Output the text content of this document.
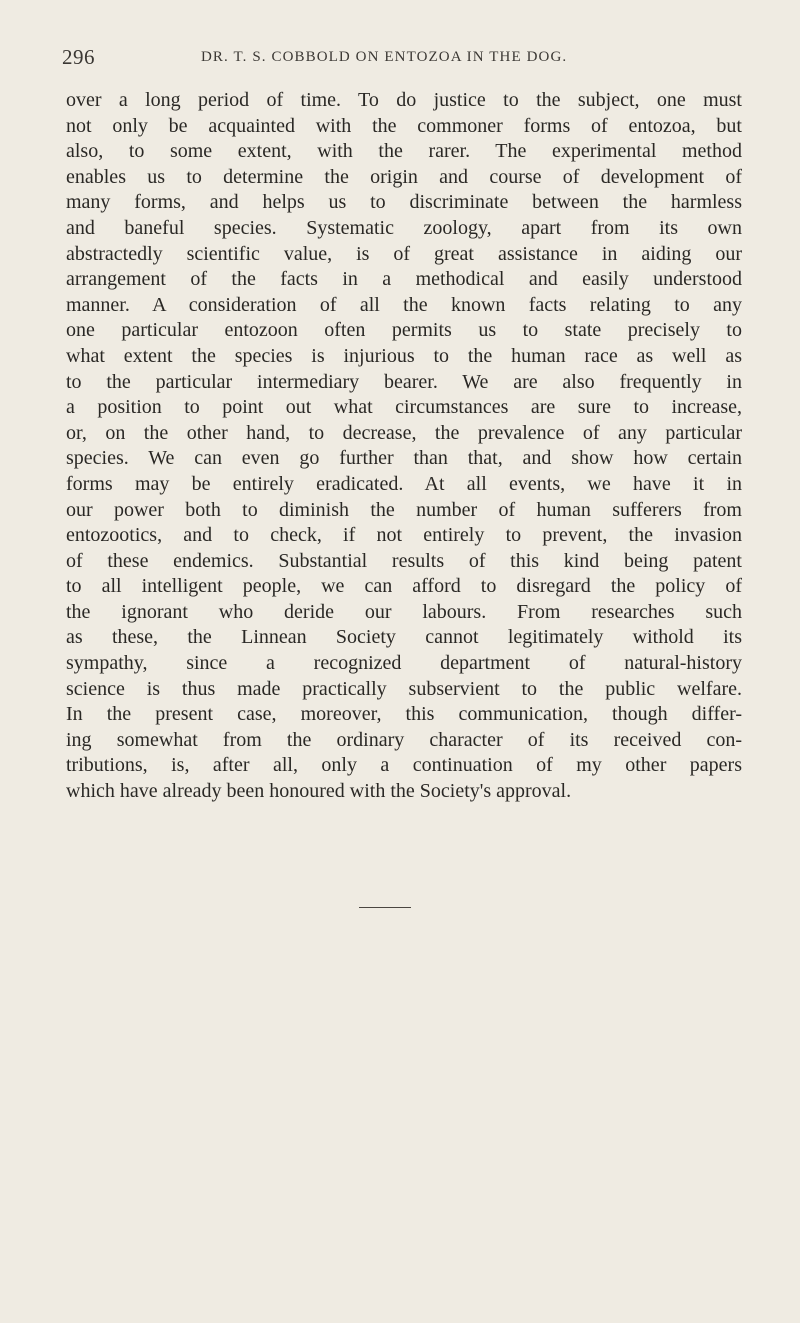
296	DR. T. S. COBBOLD ON ENTOZOA IN THE DOG.
over a long period of time. To do justice to the subject, one must
not only be acquainted with the commoner forms of entozoa, but
also, to some extent, with the rarer. The experimental method
enables us to determine the origin and course of development of
many forms, and helps us to discriminate between the harmless
and baneful species. Systematic zoology, apart from its own
abstractedly scientific value, is of great assistance in aiding our
arrangement of the facts in a methodical and easily understood
manner. A consideration of all the known facts relating to any
one particular entozoon often permits us to state precisely to
what extent the species is injurious to the human race as well as
to the particular intermediary bearer. We are also frequently in
a position to point out what circumstances are sure to increase,
or, on the other hand, to decrease, the prevalence of any particular
species. We can even go further than that, and show how certain
forms may be entirely eradicated. At all events, we have it in
our power both to diminish the number of human sufferers from
entozootics, and to check, if not entirely to prevent, the invasion
of these endemics. Substantial results of this kind being patent
to all intelligent people, we can afford to disregard the policy of
the ignorant who deride our labours. From researches such
as these, the Linnean Society cannot legitimately withold its
sympathy, since a recognized department of natural-history
science is thus made practically subservient to the public welfare.
In the present case, moreover, this communication, though differ-
ing somewhat from the ordinary character of its received con-
tributions, is, after all, only a continuation of my other papers
which have already been honoured with the Society's approval.
